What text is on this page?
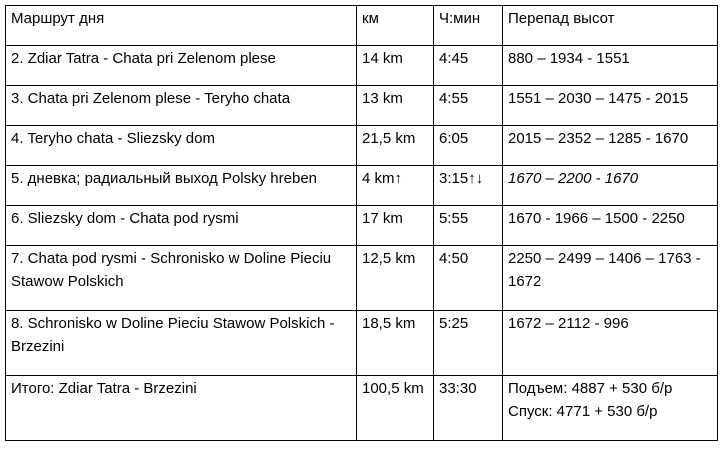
Маршрут дня	км	Ч:мин	Перепад высот
2. Zdiar Tatra - Chata pri Zelenom plese	14 km	4:45	880 – 1934 - 1551
3. Chata pri Zelenom plese - Teryho chata	13 km	4:55	1551 – 2030 – 1475 - 2015
4. Teryho chata - Sliezsky dom	21,5 km	6:05	2015 – 2352 – 1285 - 1670
5. дневка; радиальный выход Polsky hreben	4 km↑	3:15↑↓	1670 – 2200 - 1670
6. Sliezsky dom - Chata pod rysmi	17 km	5:55	1670 - 1966 – 1500 - 2250
7. Chata pod rysmi - Schronisko w Doline Pieciu Stawow Polskich	12,5 km	4:50	2250 – 2499 – 1406 – 1763 - 1672
8. Schronisko w Doline Pieciu Stawow Polskich - Brzezini	18,5 km	5:25	1672 – 2112 - 996
Итого: Zdiar Tatra - Brzezini	100,5 km	33:30	Подъем: 4887 + 530 б/р
Спуск: 4771 + 530 б/р
